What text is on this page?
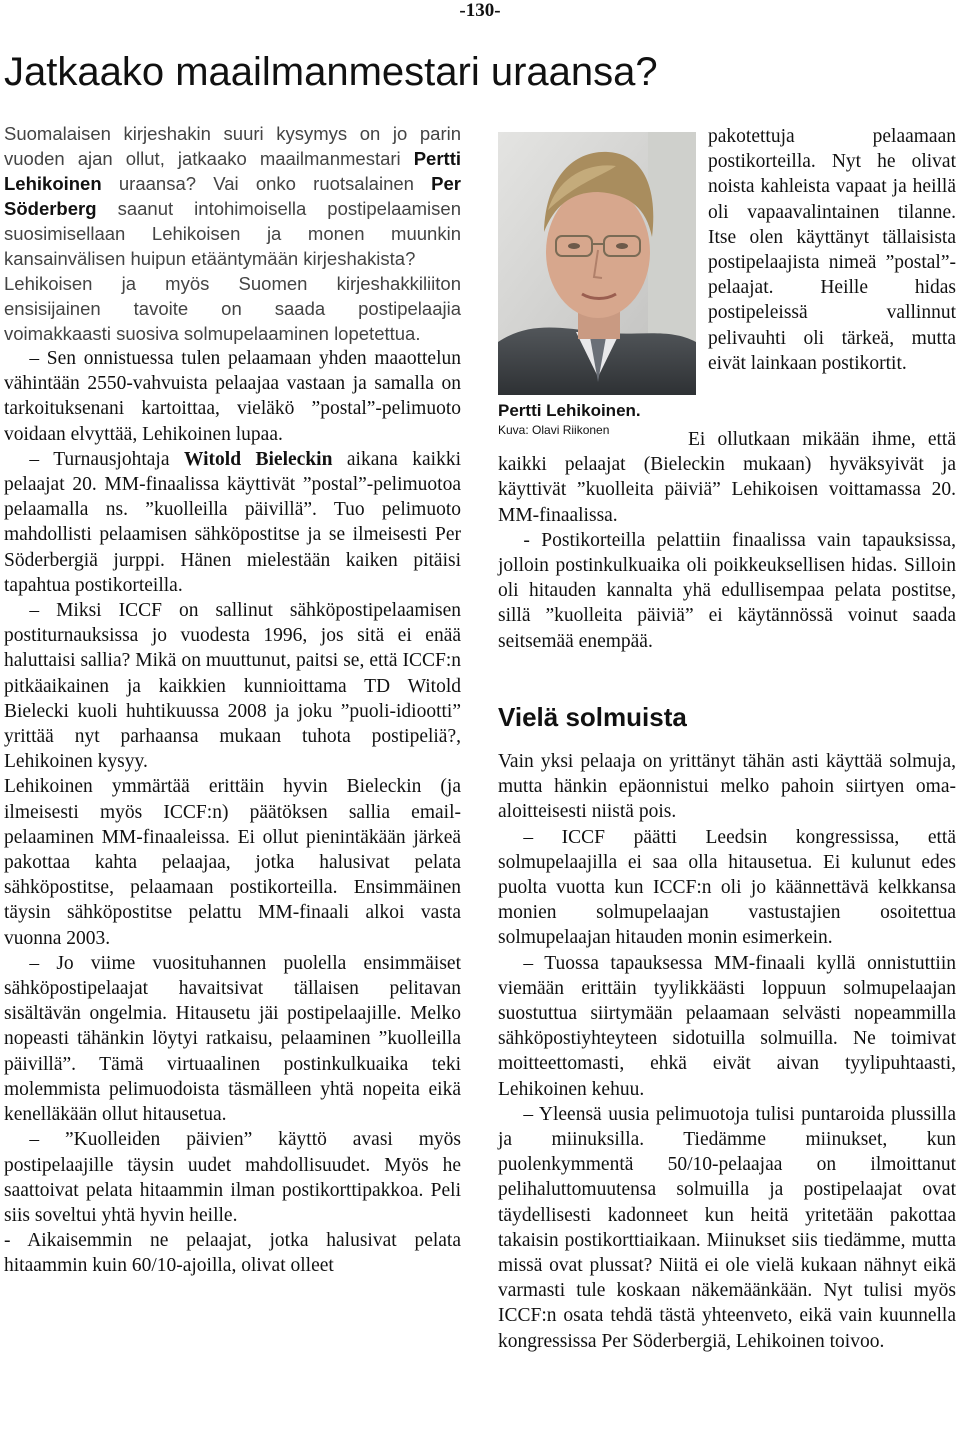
-130-
Jatkaako maailmanmestari uraansa?

Suomalaisen kirjeshakin suuri kysymys on jo parin vuoden ajan ollut, jatkaako maailmanmestari Pertti Lehikoinen uraansa? Vai onko ruotsalainen Per Söderberg saanut intohimoisella postipelaamisen suosimisellaan Lehikoisen ja monen muunkin kansainvälisen huipun etääntymään kirjeshakista?

Lehikoisen ja myös Suomen kirjeshakkiliiton ensisijainen tavoite on saada postipelaajia voimakkaasti suosiva solmupelaaminen lopetettua.

– Sen onnistuessa tulen pelaamaan yhden maaottelun vähintään 2550-vahvuista pelaajaa vastaan ja samalla on tarkoituksenani kartoittaa, vieläkö ”postal”-pelimuoto voidaan elvyttää, Lehikoinen lupaa.

– Turnausjohtaja Witold Bieleckin aikana kaikki pelaajat 20. MM-finaalissa käyttivät ”postal”-pelimuotoa pelaamalla ns. ”kuolleilla päivillä”. Tuo pelimuoto mahdollisti pelaamisen sähköpostitse ja se ilmeisesti Per Söderbergiä jurppi. Hänen mielestään kaiken pitäisi tapahtua postikorteilla.

– Miksi ICCF on sallinut sähköpostipelaamisen postiturnauksissa jo vuodesta 1996, jos sitä ei enää haluttaisi sallia? Mikä on muuttunut, paitsi se, että ICCF:n pitkäaikainen ja kaikkien kunnioittama TD Witold Bielecki kuoli huhtikuussa 2008 ja joku ”puoli-idiootti” yrittää nyt parhaansa mukaan tuhota postipeliä?, Lehikoinen kysyy.

Lehikoinen ymmärtää erittäin hyvin Bieleckin (ja ilmeisesti myös ICCF:n) päätöksen sallia email-pelaaminen MM-finaaleissa. Ei ollut pienintäkään järkeä pakottaa kahta pelaajaa, jotka halusivat pelata sähköpostitse, pelaamaan postikorteilla. Ensimmäinen täysin sähköpostitse pelattu MM-finaali alkoi vasta vuonna 2003.

– Jo viime vuosituhannen puolella ensimmäiset sähköpostipelaajat havaitsivat tällaisen pelitavan sisältävän ongelmia. Hitausetu jäi postipelaajille. Melko nopeasti tähänkin löytyi ratkaisu, pelaaminen ”kuolleilla päivillä”. Tämä virtuaalinen postinkulkuaika teki molemmista pelimuodoista täsmälleen yhtä nopeita eikä kenelläkään ollut hitausetua.

– ”Kuolleiden päivien” käyttö avasi myös postipelaajille täysin uudet mahdollisuudet. Myös he saattoivat pelata hitaammin ilman postikorttipakkoa. Peli siis soveltui yhtä hyvin heille.

- Aikaisemmin ne pelaajat, jotka halusivat pelata hitaammin kuin 60/10-ajoilla, olivat olleet

Pertti Lehikoinen.
Kuva: Olavi Riikonen

pakotettuja pelaamaan postikorteilla. Nyt he olivat noista kahleista vapaat ja heillä oli vapaavalintainen tilanne. Itse olen käyttänyt tällaisista postipelaajista nimeä ”postal”-pelaajat. Heille hidas postipeleissä vallinnut pelivauhti oli tärkeä, mutta eivät lainkaan postikortit.

Ei ollutkaan mikään ihme, että kaikki pelaajat (Bieleckin mukaan) hyväksyivät ja käyttivät ”kuolleita päiviä” Lehikoisen voittamassa 20. MM-finaalissa.

- Postikorteilla pelattiin finaalissa vain tapauksissa, jolloin postinkulkuaika oli poikkeuksellisen hidas. Silloin oli hitauden kannalta yhä edullisempaa pelata postitse, sillä ”kuolleita päiviä” ei käytännössä voinut saada seitsemää enempää.

Vielä solmuista

Vain yksi pelaaja on yrittänyt tähän asti käyttää solmuja, mutta hänkin epäonnistui melko pahoin siirtyen oma-aloitteisesti niistä pois.

– ICCF päätti Leedsin kongressissa, että solmupelaajilla ei saa olla hitausetua. Ei kulunut edes puolta vuotta kun ICCF:n oli jo käännettävä kelkkansa monien solmupelaajan vastustajien osoitettua solmupelaajan hitauden monin esimerkein.

– Tuossa tapauksessa MM-finaali kyllä onnistuttiin viemään erittäin tyylikkäästi loppuun solmupelaajan suostuttua siirtymään pelaamaan selvästi nopeammilla sähköpostiyhteyteen sidotuilla solmuilla. Ne toimivat moitteettomasti, ehkä eivät aivan tyylipuhtaasti, Lehikoinen kehuu.

– Yleensä uusia pelimuotoja tulisi puntaroida plussilla ja miinuksilla. Tiedämme miinukset, kun puolenkymmentä 50/10-pelaajaa on ilmoittanut pelihaluttomuutensa solmuilla ja postipelaajat ovat täydellisesti kadonneet kun heitä yritetään pakottaa takaisin postikorttiaikaan. Miinukset siis tiedämme, mutta missä ovat plussat? Niitä ei ole vielä kukaan nähnyt eikä varmasti tule koskaan näkemäänkään. Nyt tulisi myös ICCF:n osata tehdä tästä yhteenveto, eikä vain kuunnella kongressissa Per Söderbergiä, Lehikoinen toivoo.
